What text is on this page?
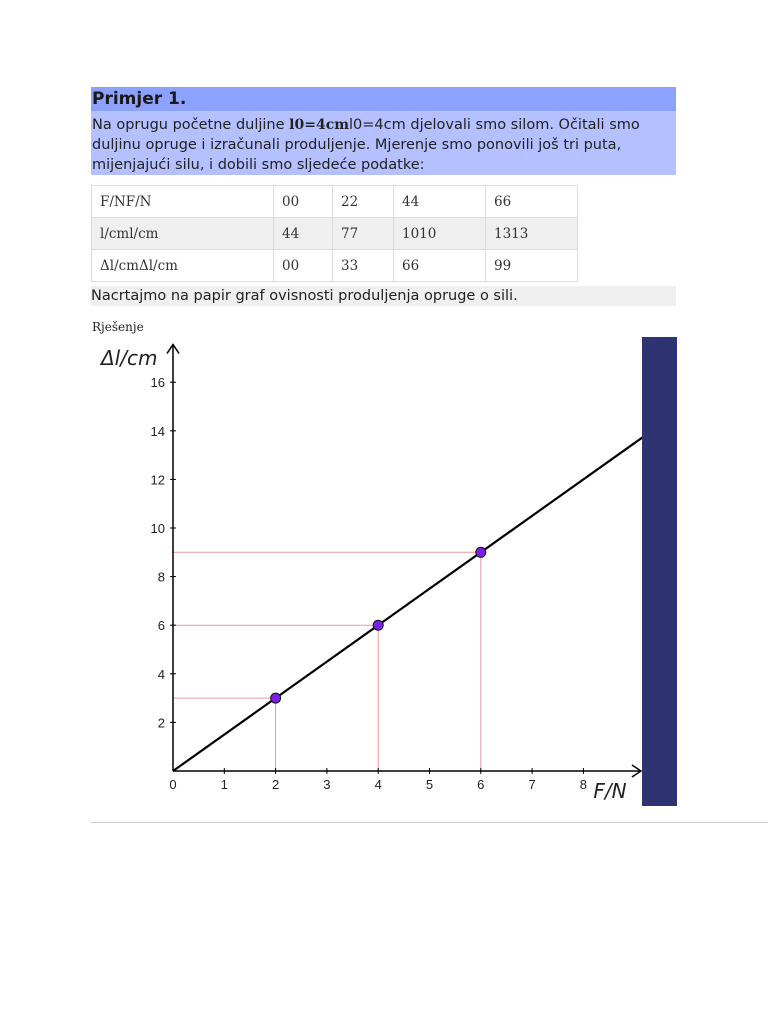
Primjer 1.
Na oprugu početne duljine l0=4cml0=4cm djelovali smo silom. Očitali smo duljinu opruge i izračunali produljenje. Mjerenje smo ponovili još tri puta, mijenjajući silu, i dobili smo sljedeće podatke:
F/NF/N	00	22	44	66
l/cml/cm	44	77	1010	1313
Δl/cmΔl/cm	00	33	66	99
Nacrtajmo na papir graf ovisnosti produljenja opruge o sili.
Rješenje
0	1	2	3	4	5	6	7	8
2
4
6
8
10
12
14
16
F/N
Δl/cm
